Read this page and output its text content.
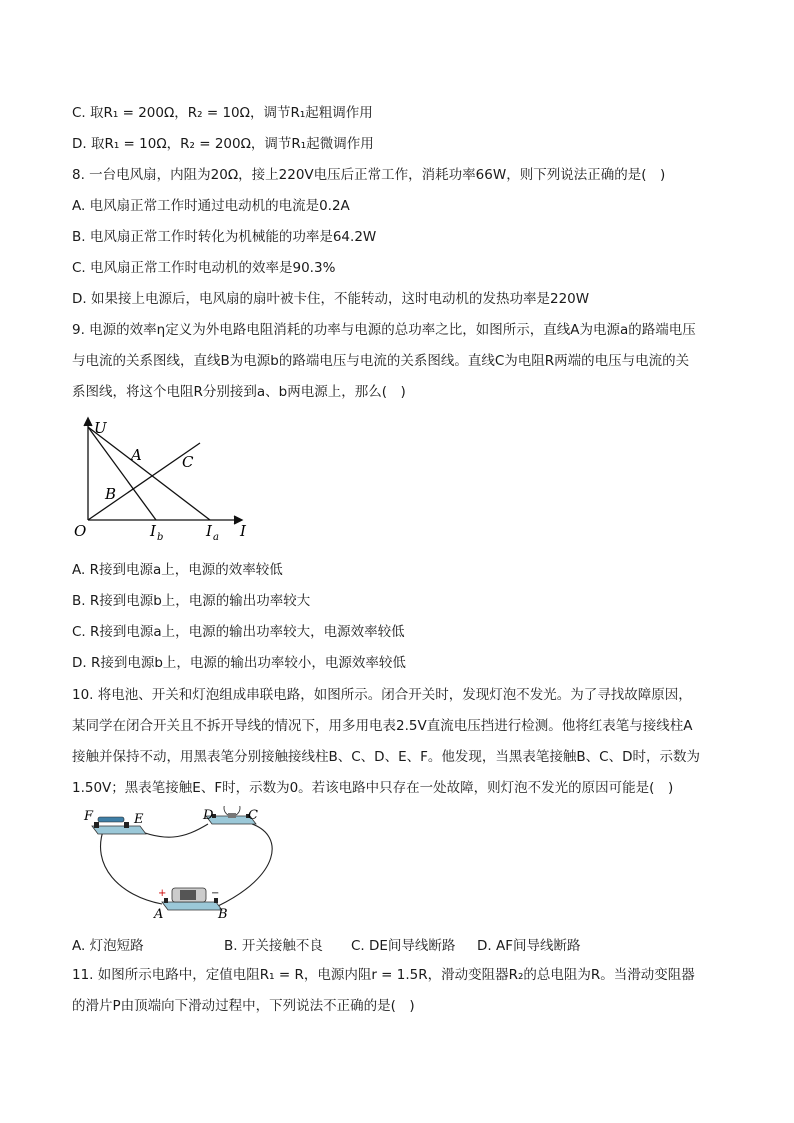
C. 取R₁ = 200Ω，R₂ = 10Ω，调节R₁起粗调作用
D. 取R₁ = 10Ω，R₂ = 200Ω，调节R₁起微调作用
8. 一台电风扇，内阻为20Ω，接上220V电压后正常工作，消耗功率66W，则下列说法正确的是(　)
A. 电风扇正常工作时通过电动机的电流是0.2A
B. 电风扇正常工作时转化为机械能的功率是64.2W
C. 电风扇正常工作时电动机的效率是90.3%
D. 如果接上电源后，电风扇的扇叶被卡住，不能转动，这时电动机的发热功率是220W
9. 电源的效率η定义为外电路电阻消耗的功率与电源的总功率之比，如图所示，直线A为电源a的路端电压
与电流的关系图线，直线B为电源b的路端电压与电流的关系图线。直线C为电阻R两端的电压与电流的关
系图线，将这个电阻R分别接到a、b两电源上，那么(　)
U
A	C
B
O	I b	I a I
A. R接到电源a上，电源的效率较低
B. R接到电源b上，电源的输出功率较大
C. R接到电源a上，电源的输出功率较大，电源效率较低
D. R接到电源b上，电源的输出功率较小，电源效率较低
10. 将电池、开关和灯泡组成串联电路，如图所示。闭合开关时，发现灯泡不发光。为了寻找故障原因，
某同学在闭合开关且不拆开导线的情况下，用多用电表2.5V直流电压挡进行检测。他将红表笔与接线柱A
接触并保持不动，用黑表笔分别接触接线柱B、C、D、E、F。他发现，当黑表笔接触B、C、D时，示数为
1.50V；黑表笔接触E、F时，示数为0。若该电路中只存在一处故障，则灯泡不发光的原因可能是(　)
F	E	D	C
+	−
A	B
A. 灯泡短路	B. 开关接触不良 C. DE间导线断路 D. AF间导线断路
11. 如图所示电路中，定值电阻R₁ = R，电源内阻r = 1.5R，滑动变阻器R₂的总电阻为R。当滑动变阻器
的滑片P由顶端向下滑动过程中，下列说法不正确的是(　)
